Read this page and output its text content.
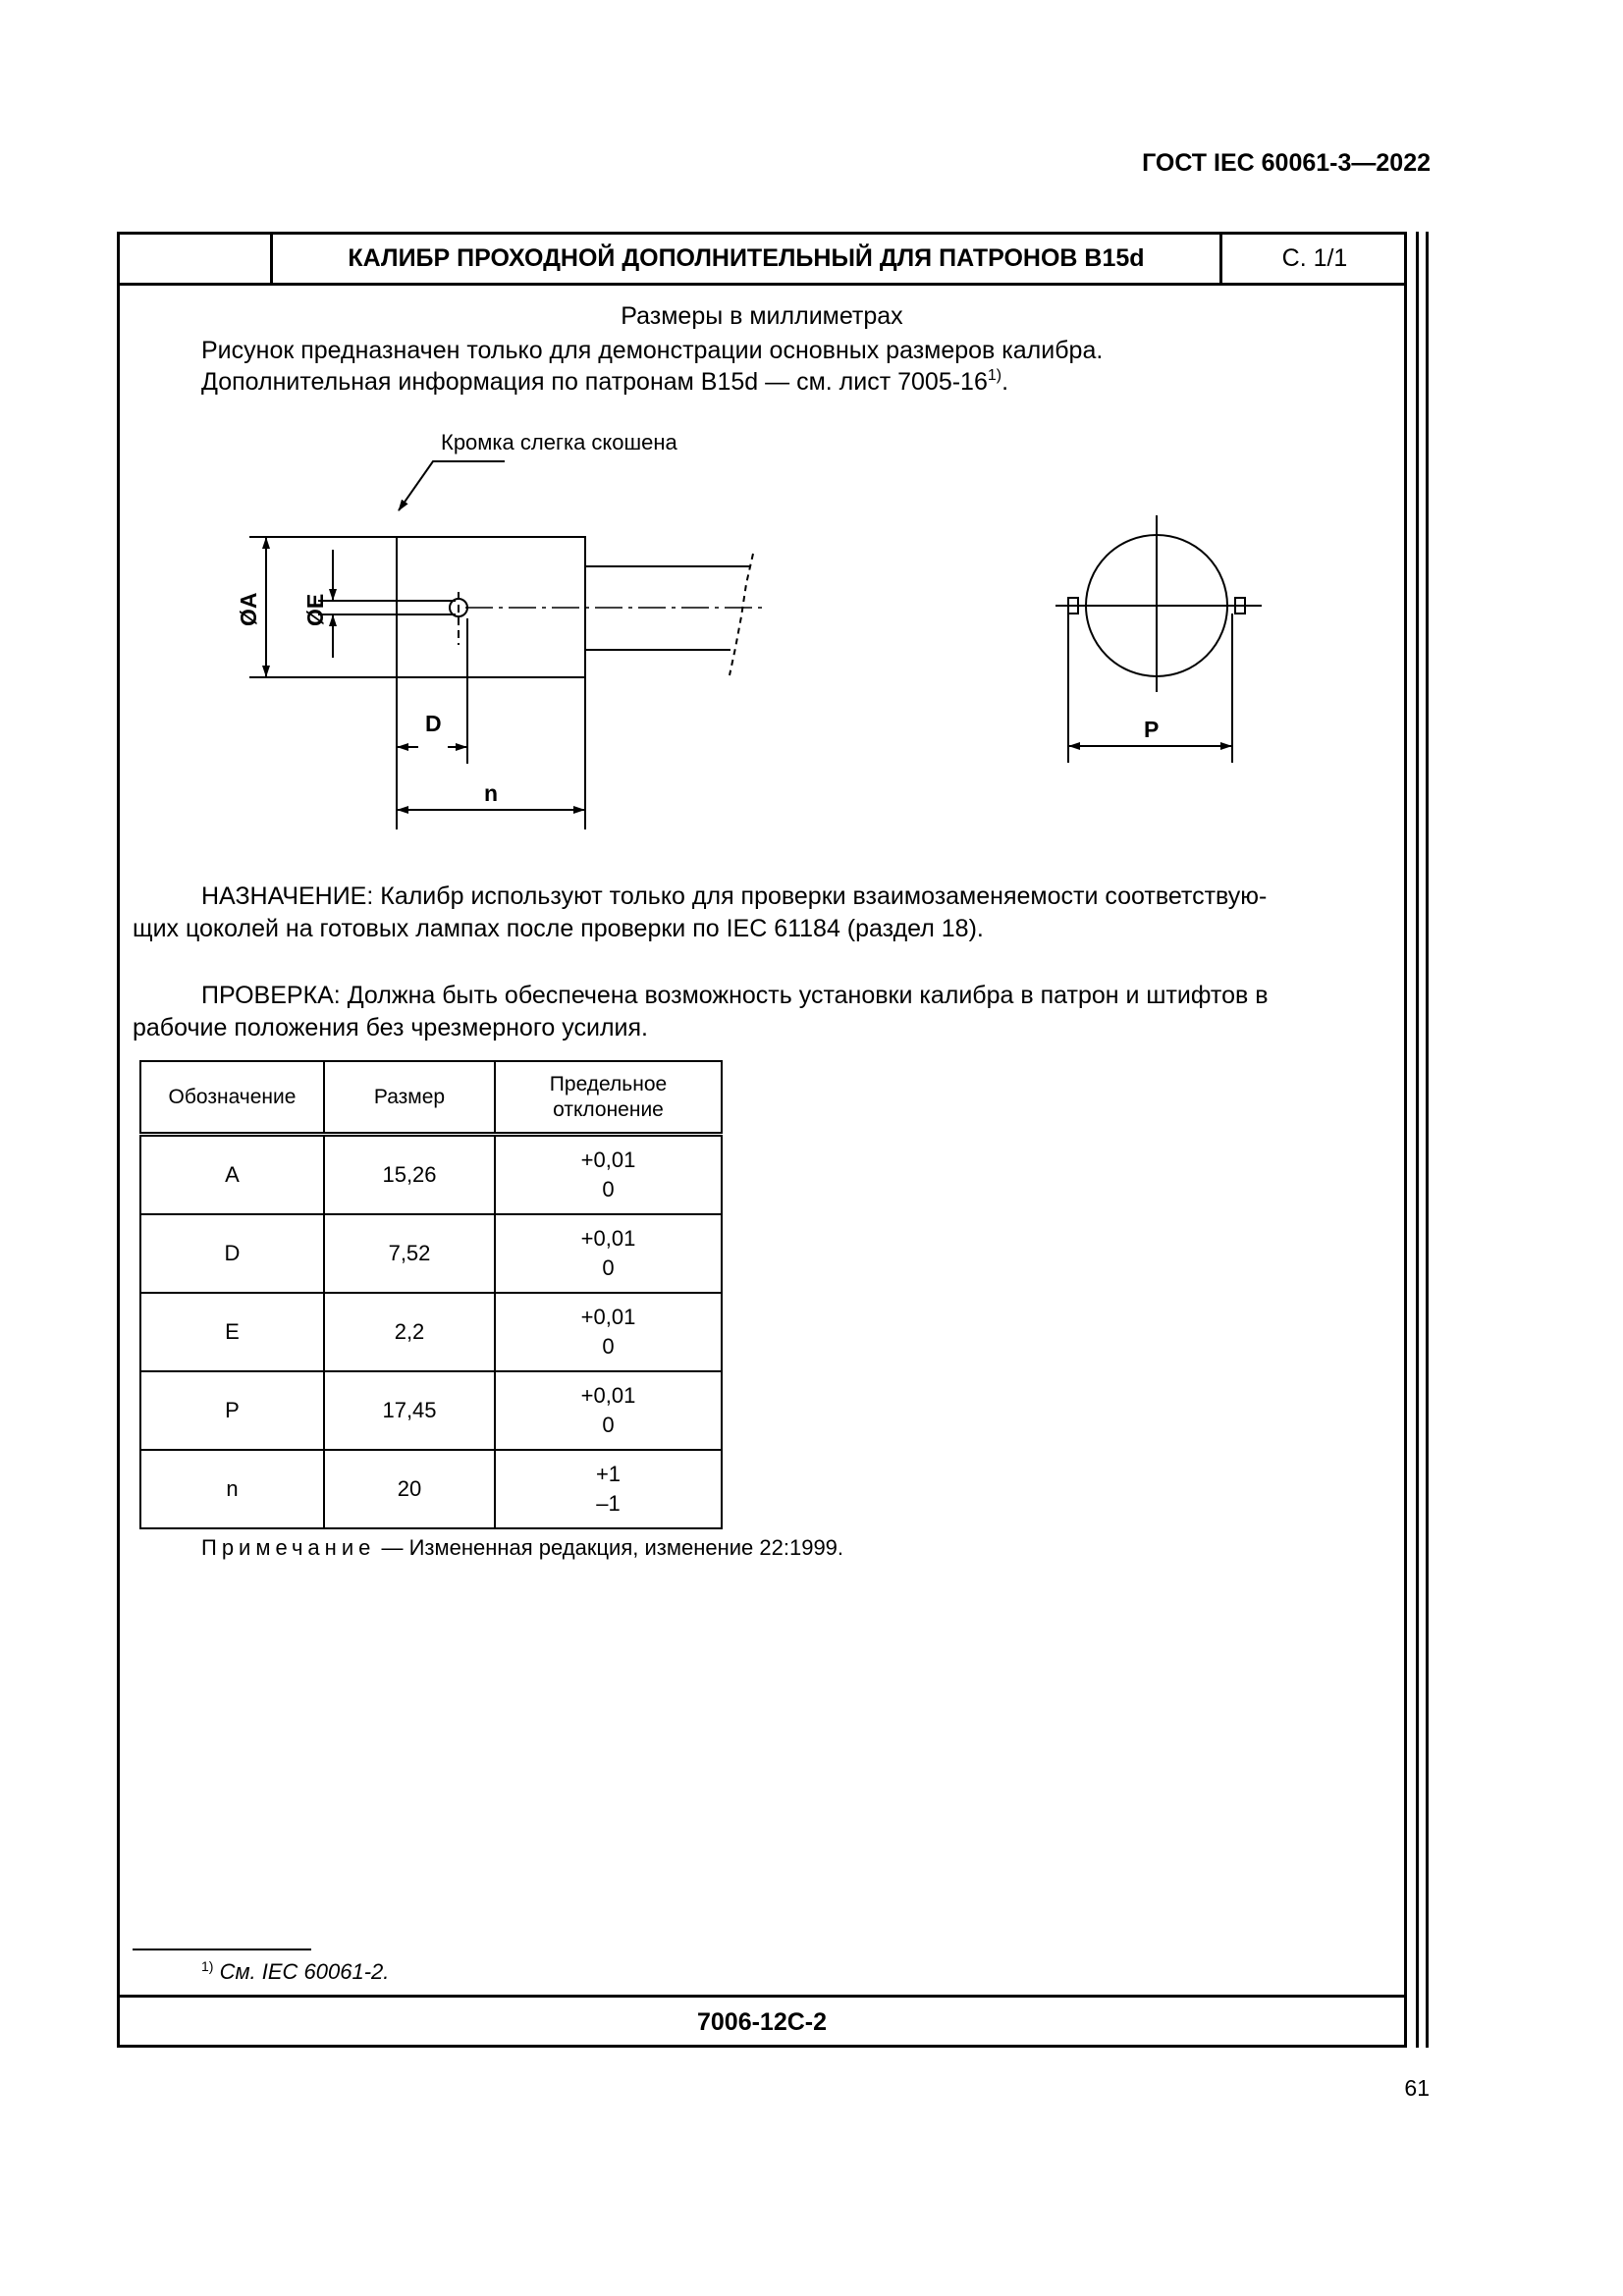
ГОСТ IEC 60061-3—2022
КАЛИБР ПРОХОДНОЙ ДОПОЛНИТЕЛЬНЫЙ ДЛЯ ПАТРОНОВ B15d	С. 1/1
Размеры в миллиметрах
Рисунок предназначен только для демонстрации основных размеров калибра.
Дополнительная информация по патронам B15d — см. лист 7005-16$^{1)}$.
Кромка слегка скошена
ØA ØE
D
n
P
НАЗНАЧЕНИЕ: Калибр используют только для проверки взаимозаменяемости соответствую-
щих цоколей на готовых лампах после проверки по IEC 61184 (раздел 18).
ПРОВЕРКА: Должна быть обеспечена возможность установки калибра в патрон и штифтов в
рабочие положения без чрезмерного усилия.
Обозначение	Размер	Предельное
отклонение

A	15,26	+0,01
0

D	7,52	+0,01
0

E	2,2	+0,01
0

P	17,45	+0,01
0

n	20	+1
–1
Примечание — Измененная редакция, изменение 22:1999.
$^{1)}$ См. IEC 60061-2.
7006-12C-2
61
